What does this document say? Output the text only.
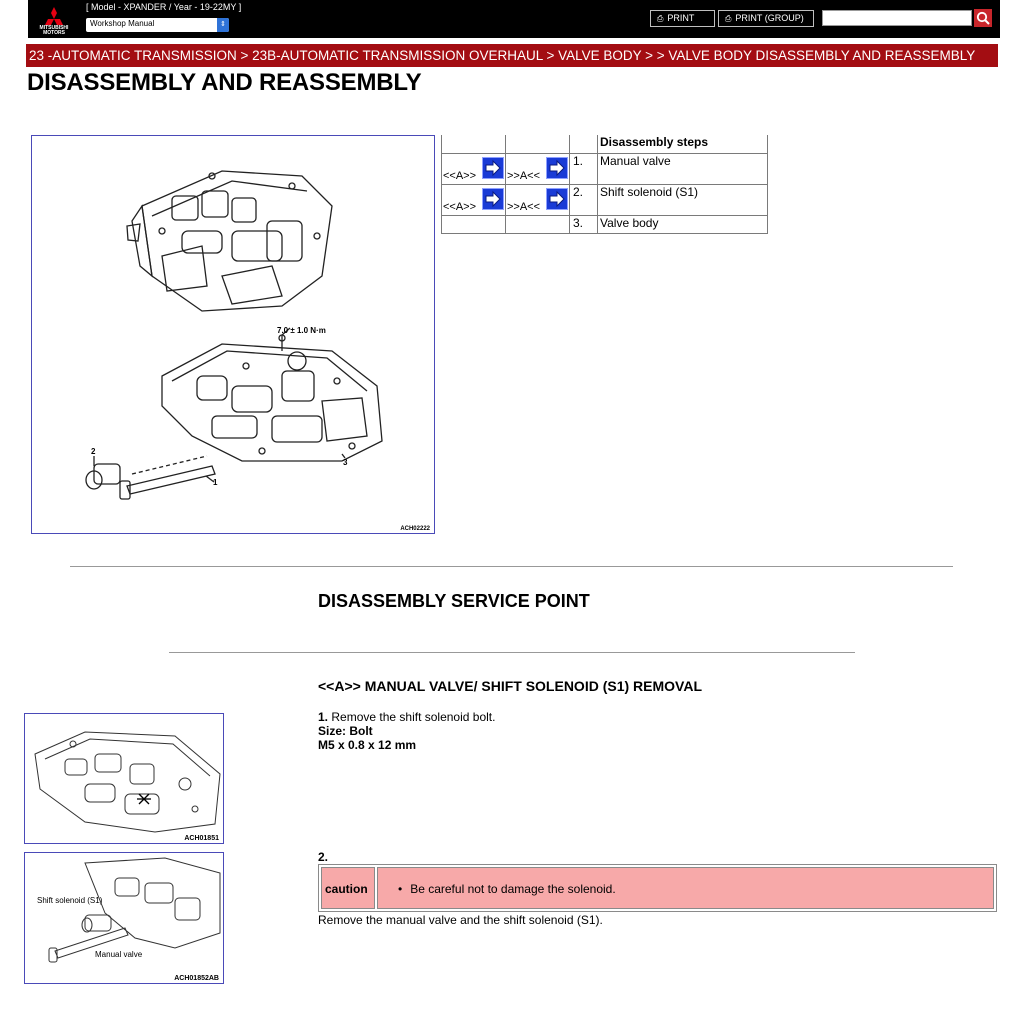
MITSUBISHI
MOTORS
[ Model - XPANDER / Year - 19-22MY ]
Workshop Manual	⇕
⎙ PRINT	⎙ PRINT (GROUP)
23 -AUTOMATIC TRANSMISSION > 23B-AUTOMATIC TRANSMISSION OVERHAUL > VALVE BODY > > VALVE BODY DISASSEMBLY AND REASSEMBLY
DISASSEMBLY AND REASSEMBLY
7.0 ± 1.0 N·m
2
1
3
ACH02222
			Disassembly steps

<<A>>	>>A<<	1.	Manual valve

<<A>>	>>A<<	2.	Shift solenoid (S1)
		3.	Valve body
DISASSEMBLY SERVICE POINT
<<A>> MANUAL VALVE/ SHIFT SOLENOID (S1) REMOVAL
ACH01851
Shift solenoid (S1)
Manual valve
ACH01852AB
1. Remove the shift solenoid bolt.
Size: Bolt
M5 x 0.8 x 12 mm
2.
caution	• Be careful not to damage the solenoid.
Remove the manual valve and the shift solenoid (S1).
